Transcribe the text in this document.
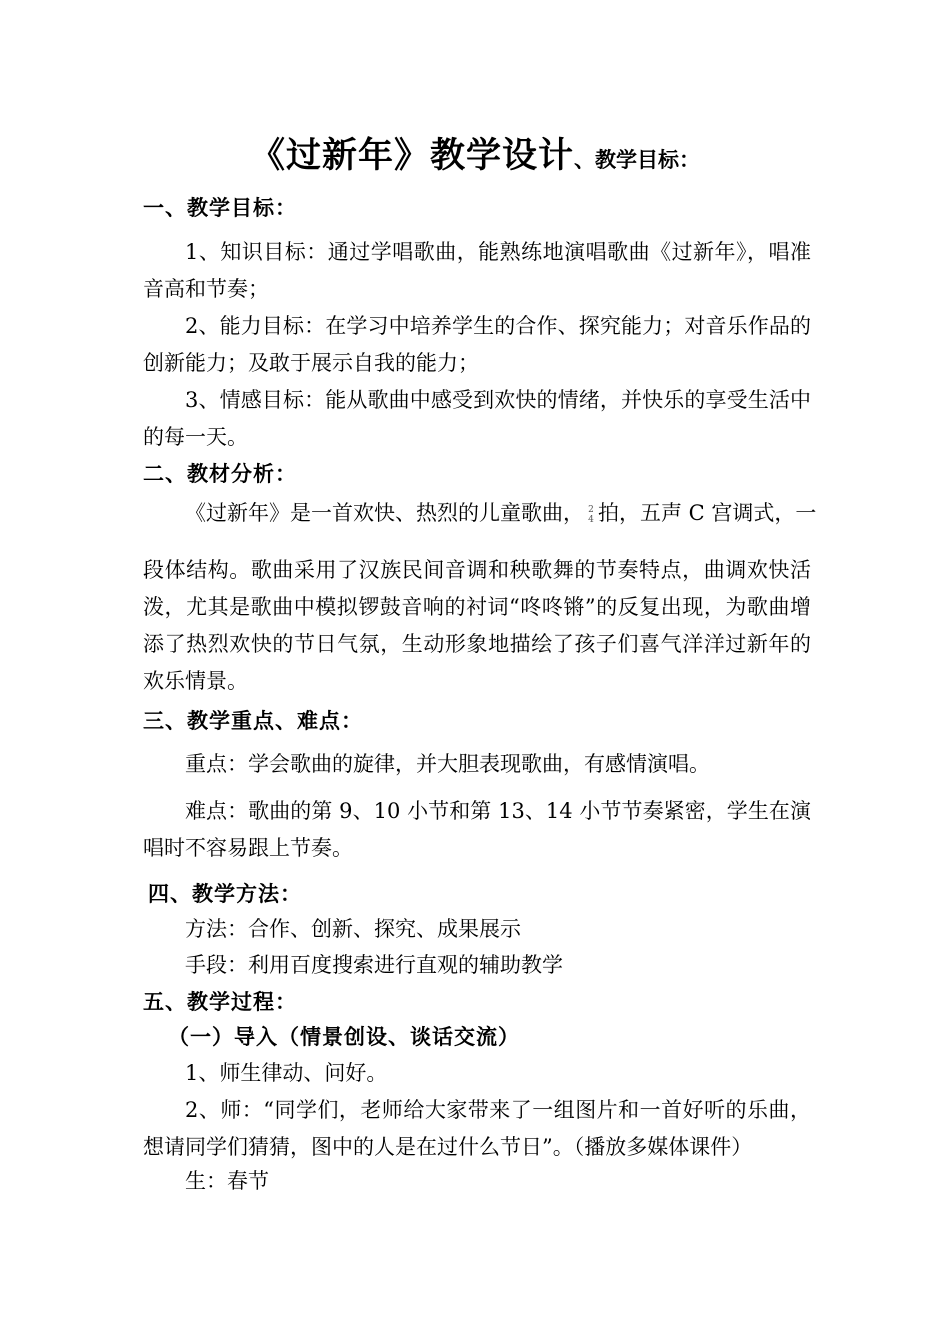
《过新年》教学设计、教学目标：
一、教学目标：
1、知识目标：通过学唱歌曲，能熟练地演唱歌曲《过新年》，唱准音高和节奏；
2、能力目标：在学习中培养学生的合作、探究能力；对音乐作品的创新能力；及敢于展示自我的能力；
3、情感目标：能从歌曲中感受到欢快的情绪，并快乐的享受生活中的每一天。
二、教材分析：
《过新年》是一首欢快、热烈的儿童歌曲， 2
4 拍，五声 C 宫调式，一
段体结构。歌曲采用了汉族民间音调和秧歌舞的节奏特点，曲调欢快活泼，尤其是歌曲中模拟锣鼓音响的衬词“咚咚锵”的反复出现，为歌曲增添了热烈欢快的节日气氛，生动形象地描绘了孩子们喜气洋洋过新年的欢乐情景。
三、教学重点、难点：
重点：学会歌曲的旋律，并大胆表现歌曲，有感情演唱。
难点：歌曲的第 9、10 小节和第 13、14 小节节奏紧密，学生在演唱时不容易跟上节奏。
四、教学方法：
方法：合作、创新、探究、成果展示
手段：利用百度搜索进行直观的辅助教学
五、教学过程：
（一）导入（情景创设、谈话交流）
1、师生律动、问好。
2、师：“同学们，老师给大家带来了一组图片和一首好听的乐曲，想请同学们猜猜，图中的人是在过什么节日”。（播放多媒体课件）
生：春节
